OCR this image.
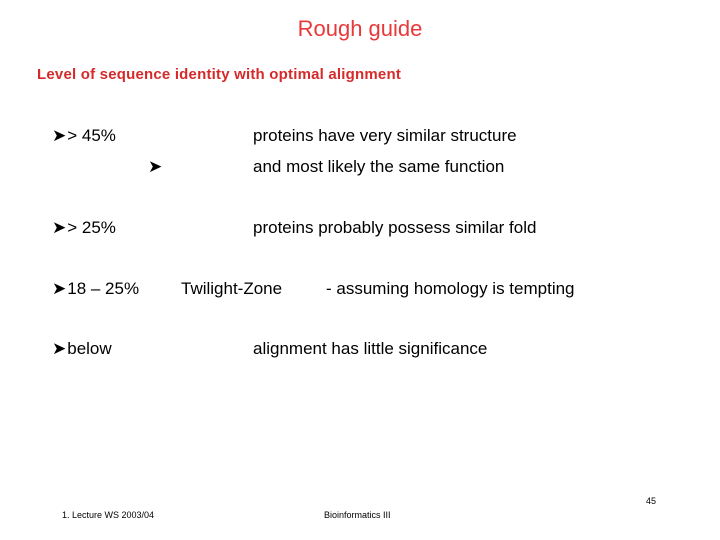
Rough guide
Level of sequence identity with optimal alignment
➤> 45%	proteins have very similar structure
➤	and most likely the same function
➤> 25%	proteins probably possess similar fold
➤18 – 25% Twilight-Zone	- assuming homology is tempting
➤below	alignment has little significance
1. Lecture WS 2003/04	Bioinformatics III
45
